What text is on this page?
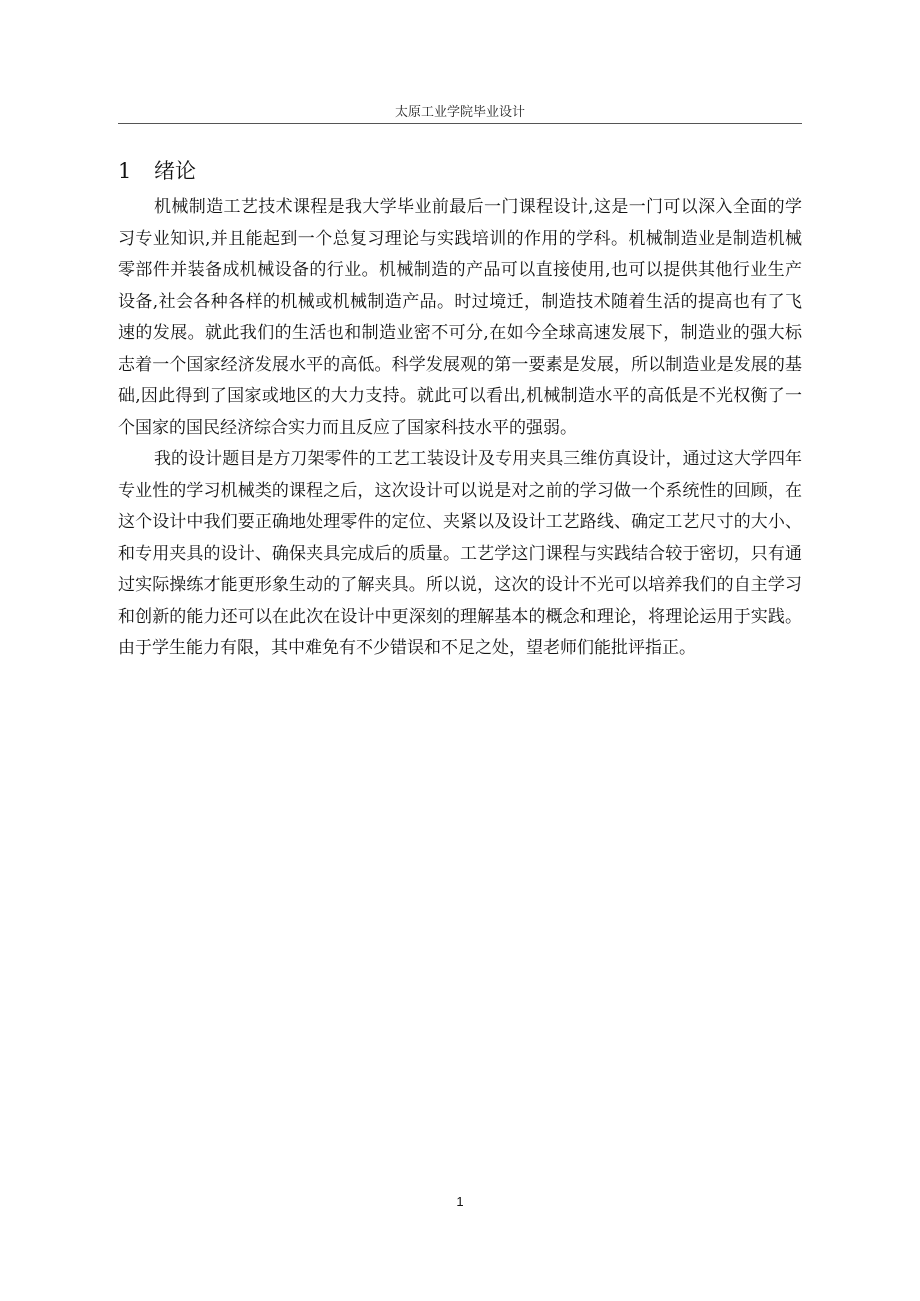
太原工业学院毕业设计
1 绪论

机械制造工艺技术课程是我大学毕业前最后一门课程设计,这是一门可以深入全面的学习专业知识,并且能起到一个总复习理论与实践培训的作用的学科。机械制造业是制造机械零部件并装备成机械设备的行业。机械制造的产品可以直接使用,也可以提供其他行业生产设备,社会各种各样的机械或机械制造产品。时过境迁，制造技术随着生活的提高也有了飞速的发展。就此我们的生活也和制造业密不可分,在如今全球高速发展下，制造业的强大标志着一个国家经济发展水平的高低。科学发展观的第一要素是发展，所以制造业是发展的基础,因此得到了国家或地区的大力支持。就此可以看出,机械制造水平的高低是不光权衡了一个国家的国民经济综合实力而且反应了国家科技水平的强弱。

我的设计题目是方刀架零件的工艺工装设计及专用夹具三维仿真设计，通过这大学四年专业性的学习机械类的课程之后，这次设计可以说是对之前的学习做一个系统性的回顾，在这个设计中我们要正确地处理零件的定位、夹紧以及设计工艺路线、确定工艺尺寸的大小、和专用夹具的设计、确保夹具完成后的质量。工艺学这门课程与实践结合较于密切，只有通过实际操练才能更形象生动的了解夹具。所以说，这次的设计不光可以培养我们的自主学习和创新的能力还可以在此次在设计中更深刻的理解基本的概念和理论，将理论运用于实践。由于学生能力有限，其中难免有不少错误和不足之处，望老师们能批评指正。

1
